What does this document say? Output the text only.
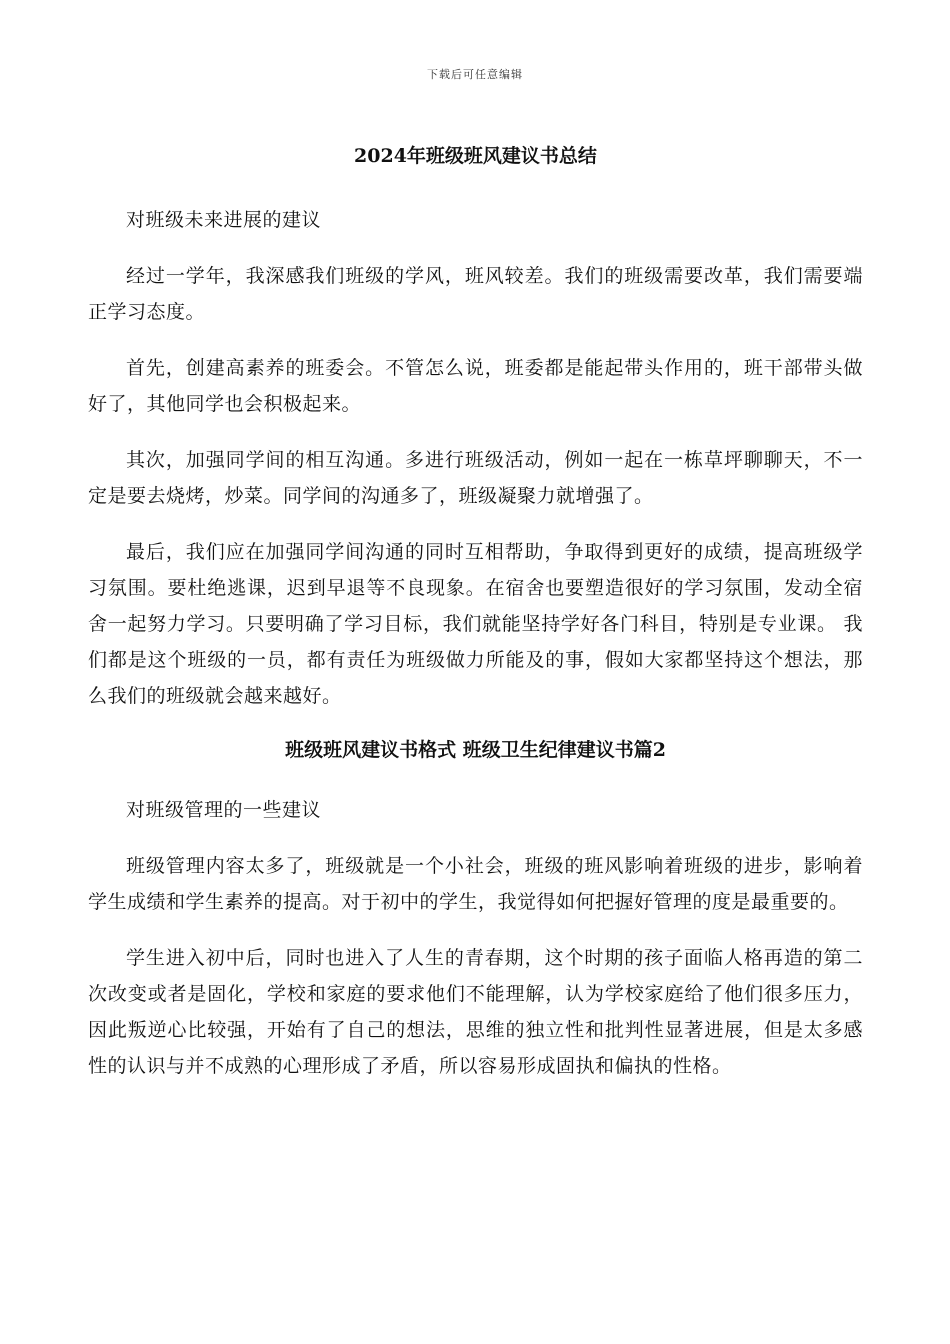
下载后可任意编辑
2024年班级班风建议书总结

对班级未来进展的建议

经过一学年，我深感我们班级的学风，班风较差。我们的班级需要改革，我们需要端正学习态度。

首先，创建高素养的班委会。不管怎么说，班委都是能起带头作用的，班干部带头做好了，其他同学也会积极起来。

其次，加强同学间的相互沟通。多进行班级活动，例如一起在一栋草坪聊聊天，不一定是要去烧烤，炒菜。同学间的沟通多了，班级凝聚力就增强了。

最后，我们应在加强同学间沟通的同时互相帮助，争取得到更好的成绩，提高班级学习氛围。要杜绝逃课，迟到早退等不良现象。在宿舍也要塑造很好的学习氛围，发动全宿舍一起努力学习。只要明确了学习目标，我们就能坚持学好各门科目，特别是专业课。 我们都是这个班级的一员，都有责任为班级做力所能及的事，假如大家都坚持这个想法，那么我们的班级就会越来越好。

班级班风建议书格式 班级卫生纪律建议书篇2

对班级管理的一些建议

班级管理内容太多了，班级就是一个小社会，班级的班风影响着班级的进步，影响着学生成绩和学生素养的提高。对于初中的学生，我觉得如何把握好管理的度是最重要的。

学生进入初中后，同时也进入了人生的青春期，这个时期的孩子面临人格再造的第二次改变或者是固化，学校和家庭的要求他们不能理解，认为学校家庭给了他们很多压力，因此叛逆心比较强，开始有了自己的想法，思维的独立性和批判性显著进展，但是太多感性的认识与并不成熟的心理形成了矛盾，所以容易形成固执和偏执的性格。
